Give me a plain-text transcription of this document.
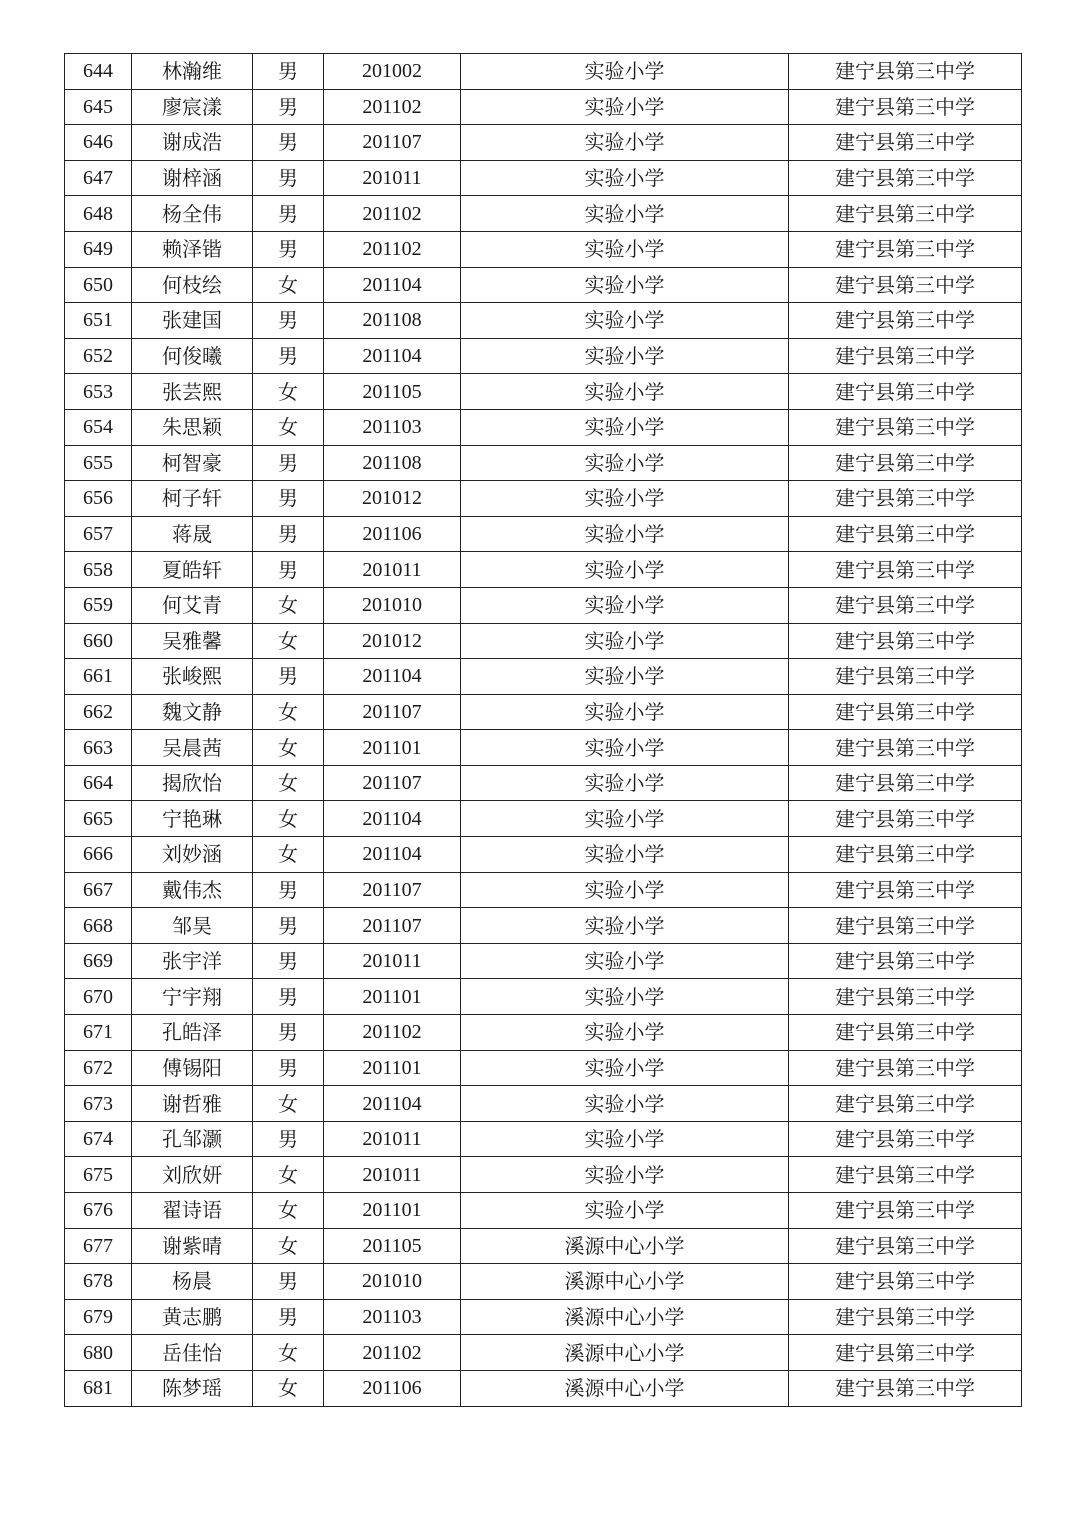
644	林瀚维	男	201002	实验小学	建宁县第三中学
645	廖宸漾	男	201102	实验小学	建宁县第三中学
646	谢成浩	男	201107	实验小学	建宁县第三中学
647	谢梓涵	男	201011	实验小学	建宁县第三中学
648	杨全伟	男	201102	实验小学	建宁县第三中学
649	赖泽锴	男	201102	实验小学	建宁县第三中学
650	何枝绘	女	201104	实验小学	建宁县第三中学
651	张建国	男	201108	实验小学	建宁县第三中学
652	何俊曦	男	201104	实验小学	建宁县第三中学
653	张芸熙	女	201105	实验小学	建宁县第三中学
654	朱思颖	女	201103	实验小学	建宁县第三中学
655	柯智豪	男	201108	实验小学	建宁县第三中学
656	柯子轩	男	201012	实验小学	建宁县第三中学
657	蒋晟	男	201106	实验小学	建宁县第三中学
658	夏皓轩	男	201011	实验小学	建宁县第三中学
659	何艾青	女	201010	实验小学	建宁县第三中学
660	吴雅馨	女	201012	实验小学	建宁县第三中学
661	张峻熙	男	201104	实验小学	建宁县第三中学
662	魏文静	女	201107	实验小学	建宁县第三中学
663	吴晨茜	女	201101	实验小学	建宁县第三中学
664	揭欣怡	女	201107	实验小学	建宁县第三中学
665	宁艳琳	女	201104	实验小学	建宁县第三中学
666	刘妙涵	女	201104	实验小学	建宁县第三中学
667	戴伟杰	男	201107	实验小学	建宁县第三中学
668	邹昊	男	201107	实验小学	建宁县第三中学
669	张宇洋	男	201011	实验小学	建宁县第三中学
670	宁宇翔	男	201101	实验小学	建宁县第三中学
671	孔皓泽	男	201102	实验小学	建宁县第三中学
672	傅锡阳	男	201101	实验小学	建宁县第三中学
673	谢哲雅	女	201104	实验小学	建宁县第三中学
674	孔邹灏	男	201011	实验小学	建宁县第三中学
675	刘欣妍	女	201011	实验小学	建宁县第三中学
676	翟诗语	女	201101	实验小学	建宁县第三中学
677	谢紫晴	女	201105	溪源中心小学	建宁县第三中学
678	杨晨	男	201010	溪源中心小学	建宁县第三中学
679	黄志鹏	男	201103	溪源中心小学	建宁县第三中学
680	岳佳怡	女	201102	溪源中心小学	建宁县第三中学
681	陈梦瑶	女	201106	溪源中心小学	建宁县第三中学
